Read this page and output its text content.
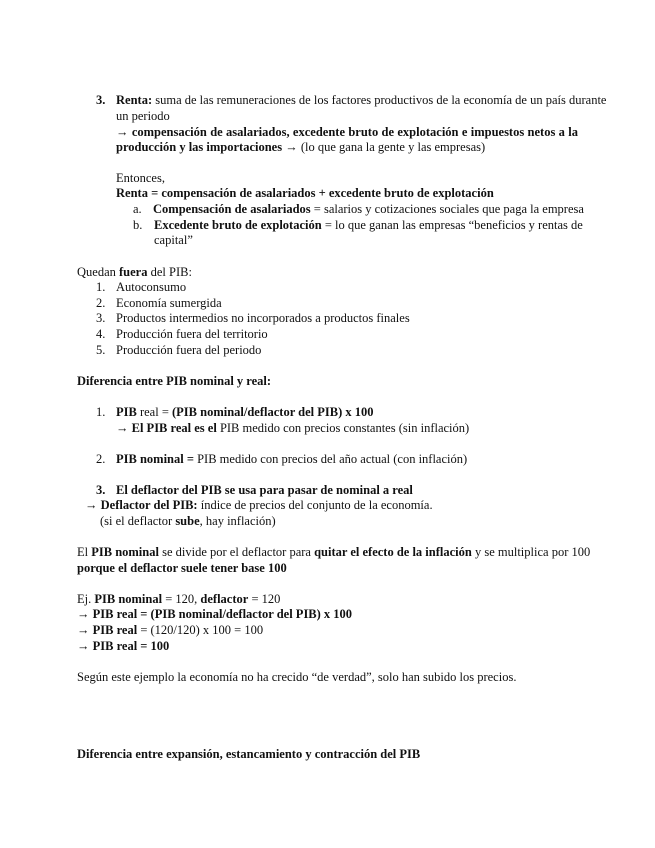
3. Renta: suma de las remuneraciones de los factores productivos de la economía de un país durante
un periodo
→ compensación de asalariados, excedente bruto de explotación e impuestos netos a la
producción y las importaciones → (lo que gana la gente y las empresas)
Entonces,
Renta = compensación de asalariados + excedente bruto de explotación
a. Compensación de asalariados = salarios y cotizaciones sociales que paga la empresa
b. Excedente bruto de explotación = lo que ganan las empresas “beneficios y rentas de
capital”
Quedan fuera del PIB:
1. Autoconsumo
2. Economía sumergida
3. Productos intermedios no incorporados a productos finales
4. Producción fuera del territorio
5. Producción fuera del periodo
Diferencia entre PIB nominal y real:
1. PIB real = (PIB nominal/deflactor del PIB) x 100
→ El PIB real es el PIB medido con precios constantes (sin inflación)
2. PIB nominal = PIB medido con precios del año actual (con inflación)
3. El deflactor del PIB se usa para pasar de nominal a real
→ Deflactor del PIB: índice de precios del conjunto de la economía.
(si el deflactor sube, hay inflación)
El PIB nominal se divide por el deflactor para quitar el efecto de la inflación y se multiplica por 100
porque el deflactor suele tener base 100
Ej. PIB nominal = 120, deflactor = 120
→ PIB real = (PIB nominal/deflactor del PIB) x 100
→ PIB real = (120/120) x 100 = 100
→ PIB real = 100
Según este ejemplo la economía no ha crecido “de verdad”, solo han subido los precios.
Diferencia entre expansión, estancamiento y contracción del PIB
